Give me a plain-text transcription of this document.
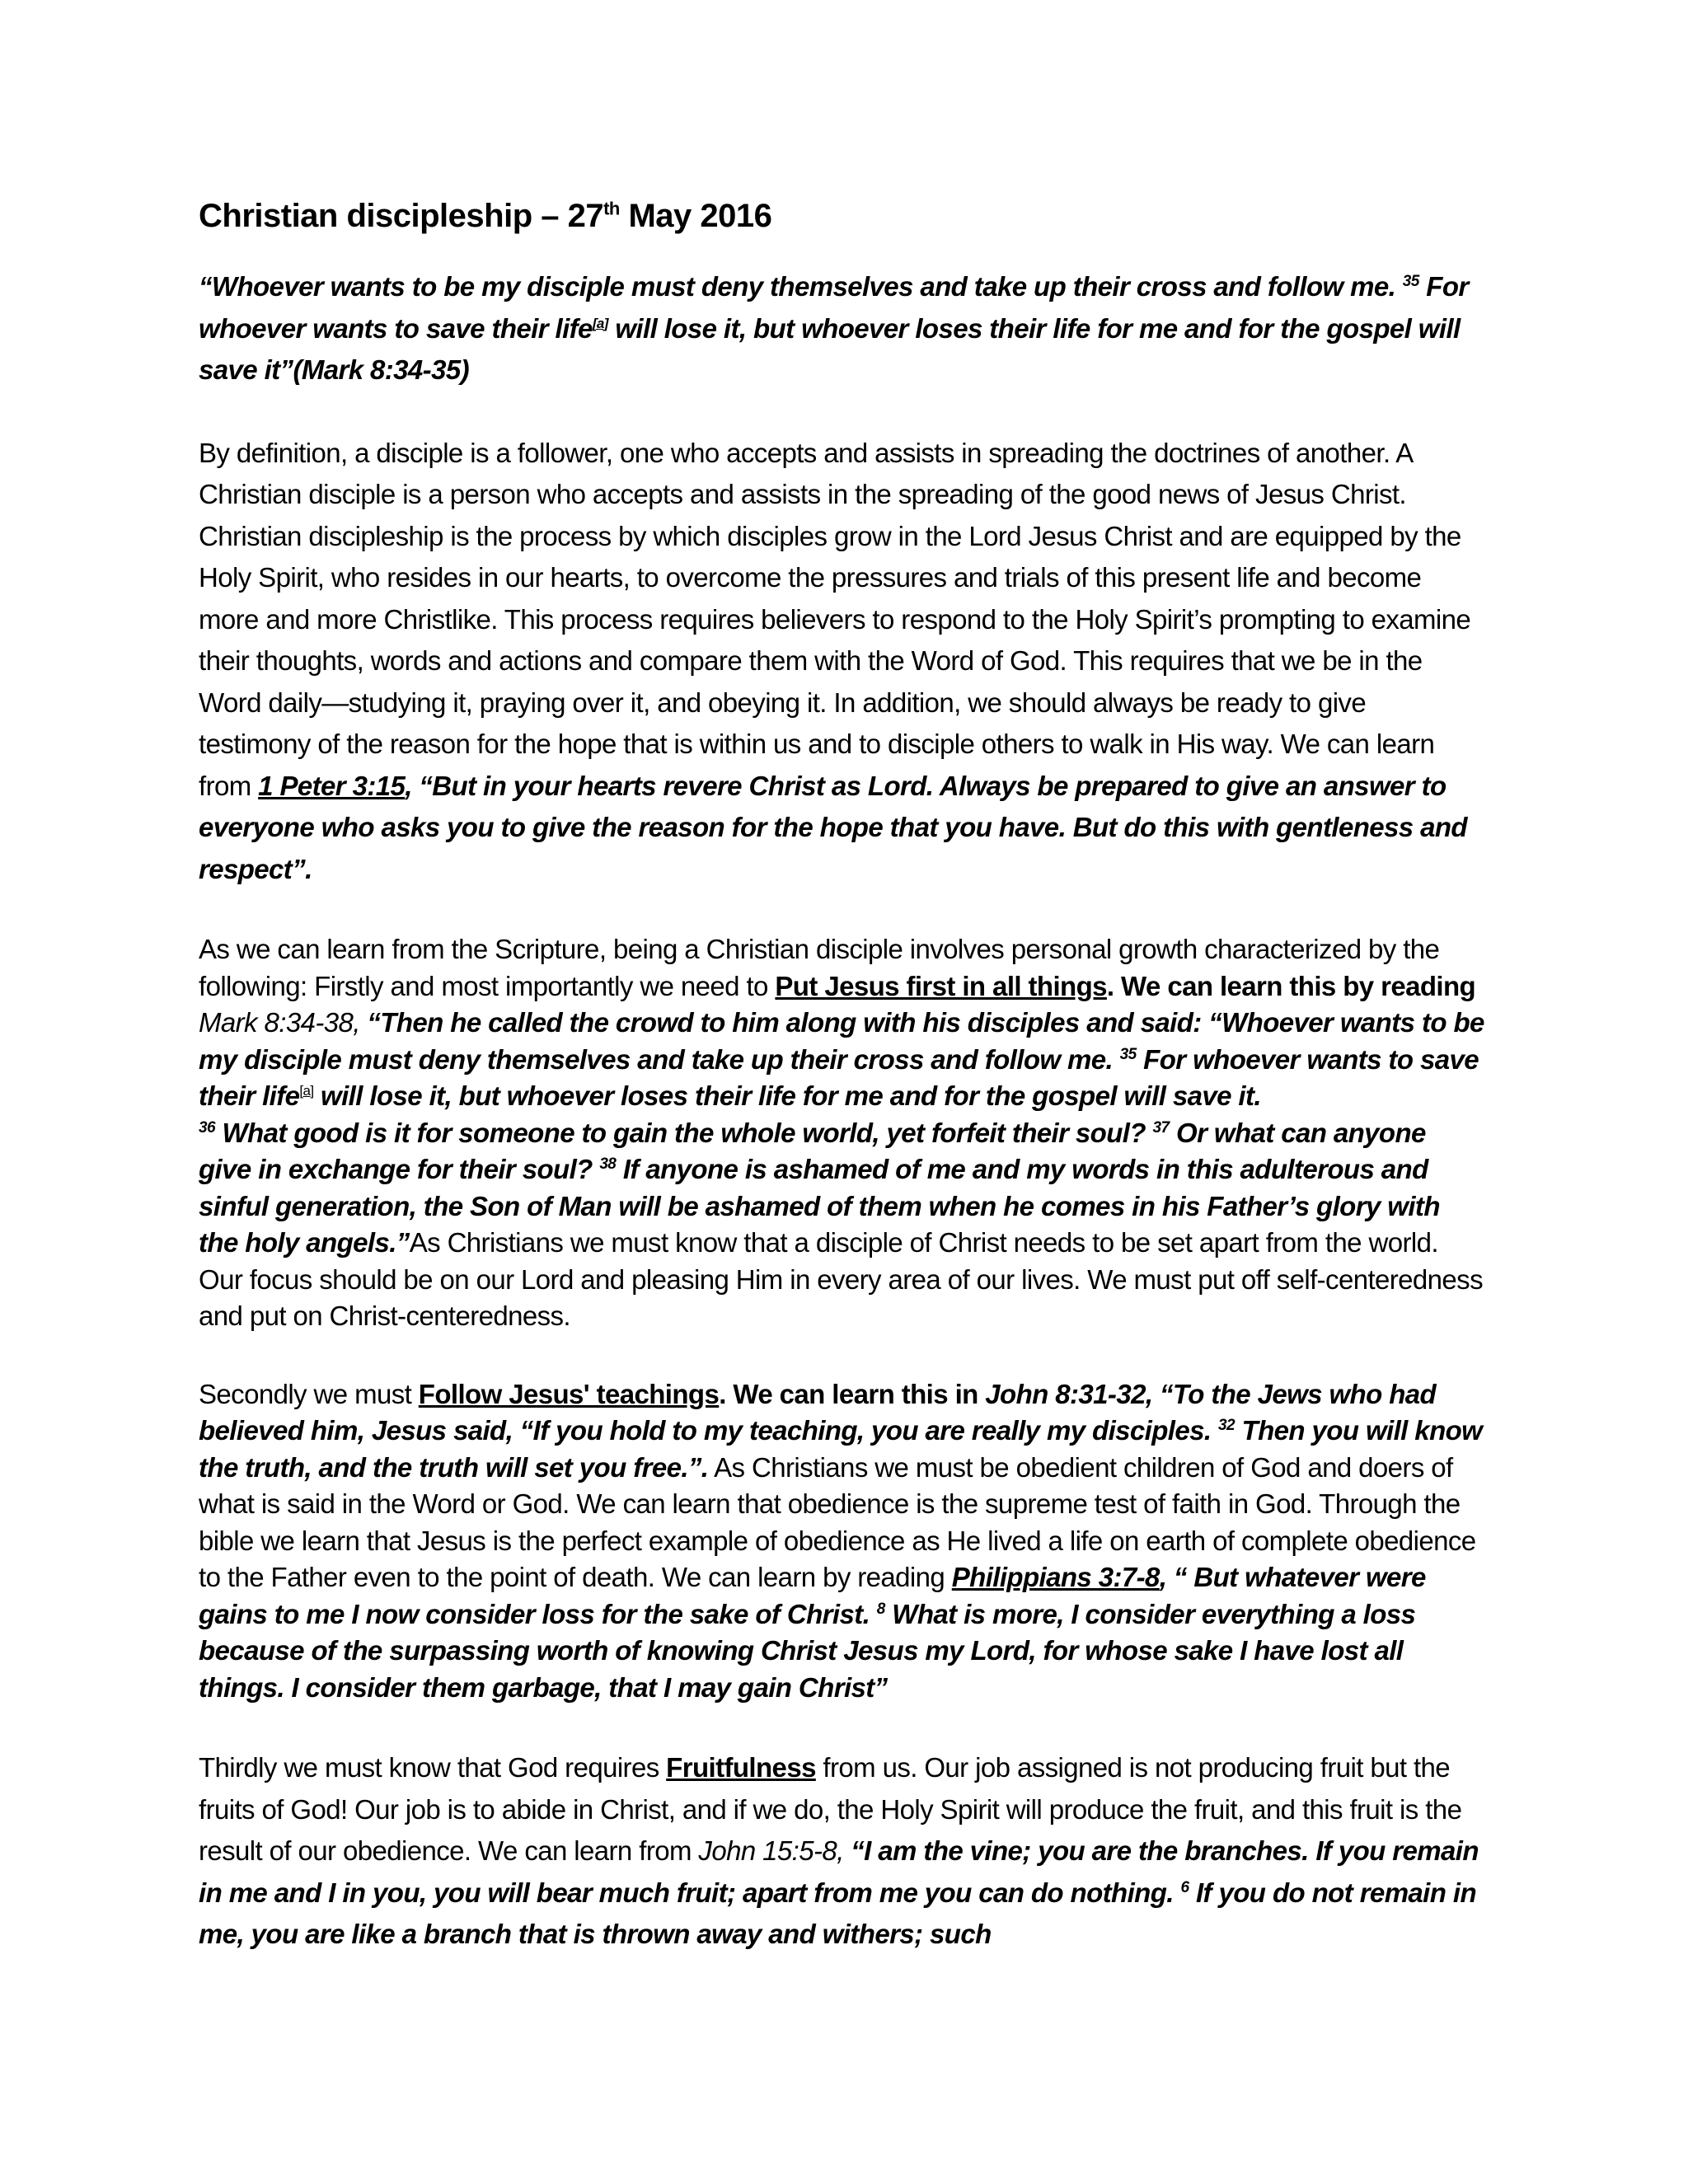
Christian discipleship – 27th May 2016

“Whoever wants to be my disciple must deny themselves and take up their cross and follow me. $^{35}$ For whoever wants to save their life[a] will lose it, but whoever loses their life for me and for the gospel will save it”(Mark 8:34-35)

By definition, a disciple is a follower, one who accepts and assists in spreading the doctrines of another. A Christian disciple is a person who accepts and assists in the spreading of the good news of Jesus Christ. Christian discipleship is the process by which disciples grow in the Lord Jesus Christ and are equipped by the Holy Spirit, who resides in our hearts, to overcome the pressures and trials of this present life and become more and more Christlike. This process requires believers to respond to the Holy Spirit’s prompting to examine their thoughts, words and actions and compare them with the Word of God. This requires that we be in the Word daily—studying it, praying over it, and obeying it. In addition, we should always be ready to give testimony of the reason for the hope that is within us and to disciple others to walk in His way. We can learn from 1 Peter 3:15, “But in your hearts revere Christ as Lord. Always be prepared to give an answer to everyone who asks you to give the reason for the hope that you have. But do this with gentleness and respect”.

As we can learn from the Scripture, being a Christian disciple involves personal growth characterized by the following: Firstly and most importantly we need to Put Jesus first in all things. We can learn this by reading Mark 8:34-38, “Then he called the crowd to him along with his disciples and said: “Whoever wants to be my disciple must deny themselves and take up their cross and follow me. $^{35}$ For whoever wants to save their life[a] will lose it, but whoever loses their life for me and for the gospel will save it.
$^{36}$ What good is it for someone to gain the whole world, yet forfeit their soul? $^{37}$ Or what can anyone give in exchange for their soul? $^{38}$ If anyone is ashamed of me and my words in this adulterous and sinful generation, the Son of Man will be ashamed of them when he comes in his Father’s glory with the holy angels.”As Christians we must know that a disciple of Christ needs to be set apart from the world. Our focus should be on our Lord and pleasing Him in every area of our lives. We must put off self-centeredness and put on Christ-centeredness.

Secondly we must Follow Jesus' teachings. We can learn this in John 8:31-32, “To the Jews who had believed him, Jesus said, “If you hold to my teaching, you are really my disciples. $^{32}$ Then you will know the truth, and the truth will set you free.”. As Christians we must be obedient children of God and doers of what is said in the Word or God. We can learn that obedience is the supreme test of faith in God. Through the bible we learn that Jesus is the perfect example of obedience as He lived a life on earth of complete obedience to the Father even to the point of death. We can learn by reading Philippians 3:7-8, “ But whatever were gains to me I now consider loss for the sake of Christ. $^8$ What is more, I consider everything a loss because of the surpassing worth of knowing Christ Jesus my Lord, for whose sake I have lost all things. I consider them garbage, that I may gain Christ”

Thirdly we must know that God requires Fruitfulness from us. Our job assigned is not producing fruit but the fruits of God! Our job is to abide in Christ, and if we do, the Holy Spirit will produce the fruit, and this fruit is the result of our obedience. We can learn from John 15:5-8, “I am the vine; you are the branches. If you remain in me and I in you, you will bear much fruit; apart from me you can do nothing. $^6$ If you do not remain in me, you are like a branch that is thrown away and withers; such
